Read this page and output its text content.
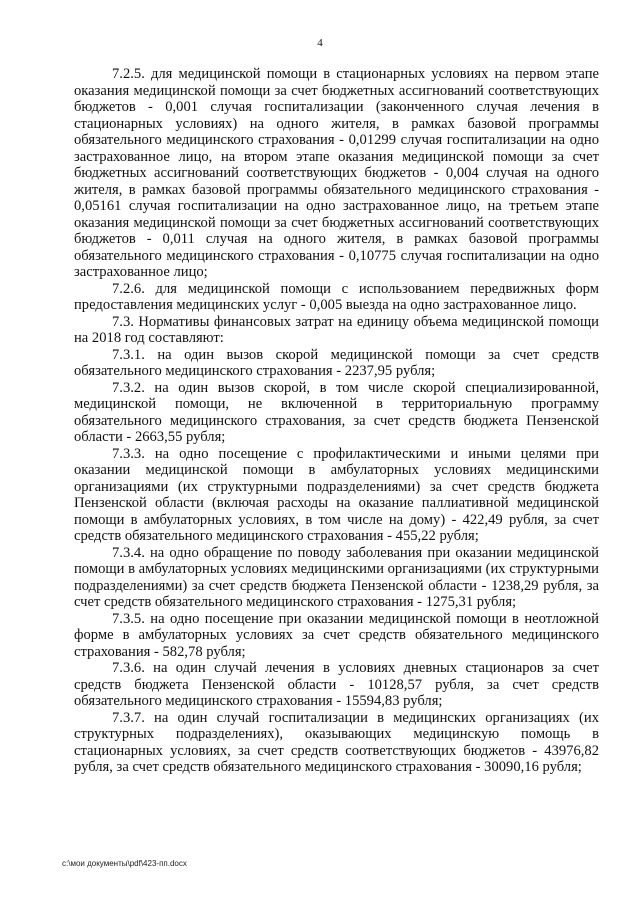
4

7.2.5. для медицинской помощи в стационарных условиях на первом этапе оказания медицинской помощи за счет бюджетных ассигнований соответствующих бюджетов - 0,001 случая госпитализации (законченного случая лечения в стационарных условиях) на одного жителя, в рамках базовой программы обязательного медицинского страхования - 0,01299 случая госпитализации на одно застрахованное лицо, на втором этапе оказания медицинской помощи за счет бюджетных ассигнований соответствующих бюджетов - 0,004 случая на одного жителя, в рамках базовой программы обязательного медицинского страхования - 0,05161 случая госпитализации на одно застрахованное лицо, на третьем этапе оказания медицинской помощи за счет бюджетных ассигнований соответствующих бюджетов - 0,011 случая на одного жителя, в рамках базовой программы обязательного медицинского страхования - 0,10775 случая госпитализации на одно застрахованное лицо;

7.2.6. для медицинской помощи с использованием передвижных форм предоставления медицинских услуг - 0,005 выезда на одно застрахованное лицо.

7.3. Нормативы финансовых затрат на единицу объема медицинской помощи на 2018 год составляют:

7.3.1. на один вызов скорой медицинской помощи за счет средств обязательного медицинского страхования - 2237,95 рубля;

7.3.2. на один вызов скорой, в том числе скорой специализированной, медицинской помощи, не включенной в территориальную программу обязательного медицинского страхования, за счет средств бюджета Пензенской области - 2663,55 рубля;

7.3.3. на одно посещение с профилактическими и иными целями при оказании медицинской помощи в амбулаторных условиях медицинскими организациями (их структурными подразделениями) за счет средств бюджета Пензенской области (включая расходы на оказание паллиативной медицинской помощи в амбулаторных условиях, в том числе на дому) - 422,49 рубля, за счет средств обязательного медицинского страхования - 455,22 рубля;

7.3.4. на одно обращение по поводу заболевания при оказании медицинской помощи в амбулаторных условиях медицинскими организациями (их структурными подразделениями) за счет средств бюджета Пензенской области - 1238,29 рубля, за счет средств обязательного медицинского страхования - 1275,31 рубля;

7.3.5. на одно посещение при оказании медицинской помощи в неотложной форме в амбулаторных условиях за счет средств обязательного медицинского страхования - 582,78 рубля;

7.3.6. на один случай лечения в условиях дневных стационаров за счет средств бюджета Пензенской области - 10128,57 рубля, за счет средств обязательного медицинского страхования - 15594,83 рубля;

7.3.7. на один случай госпитализации в медицинских организациях (их структурных подразделениях), оказывающих медицинскую помощь в стационарных условиях, за счет средств соответствующих бюджетов - 43976,82 рубля, за счет средств обязательного медицинского страхования - 30090,16 рубля;

c:\мои документы\pdf\423-пп.docx
